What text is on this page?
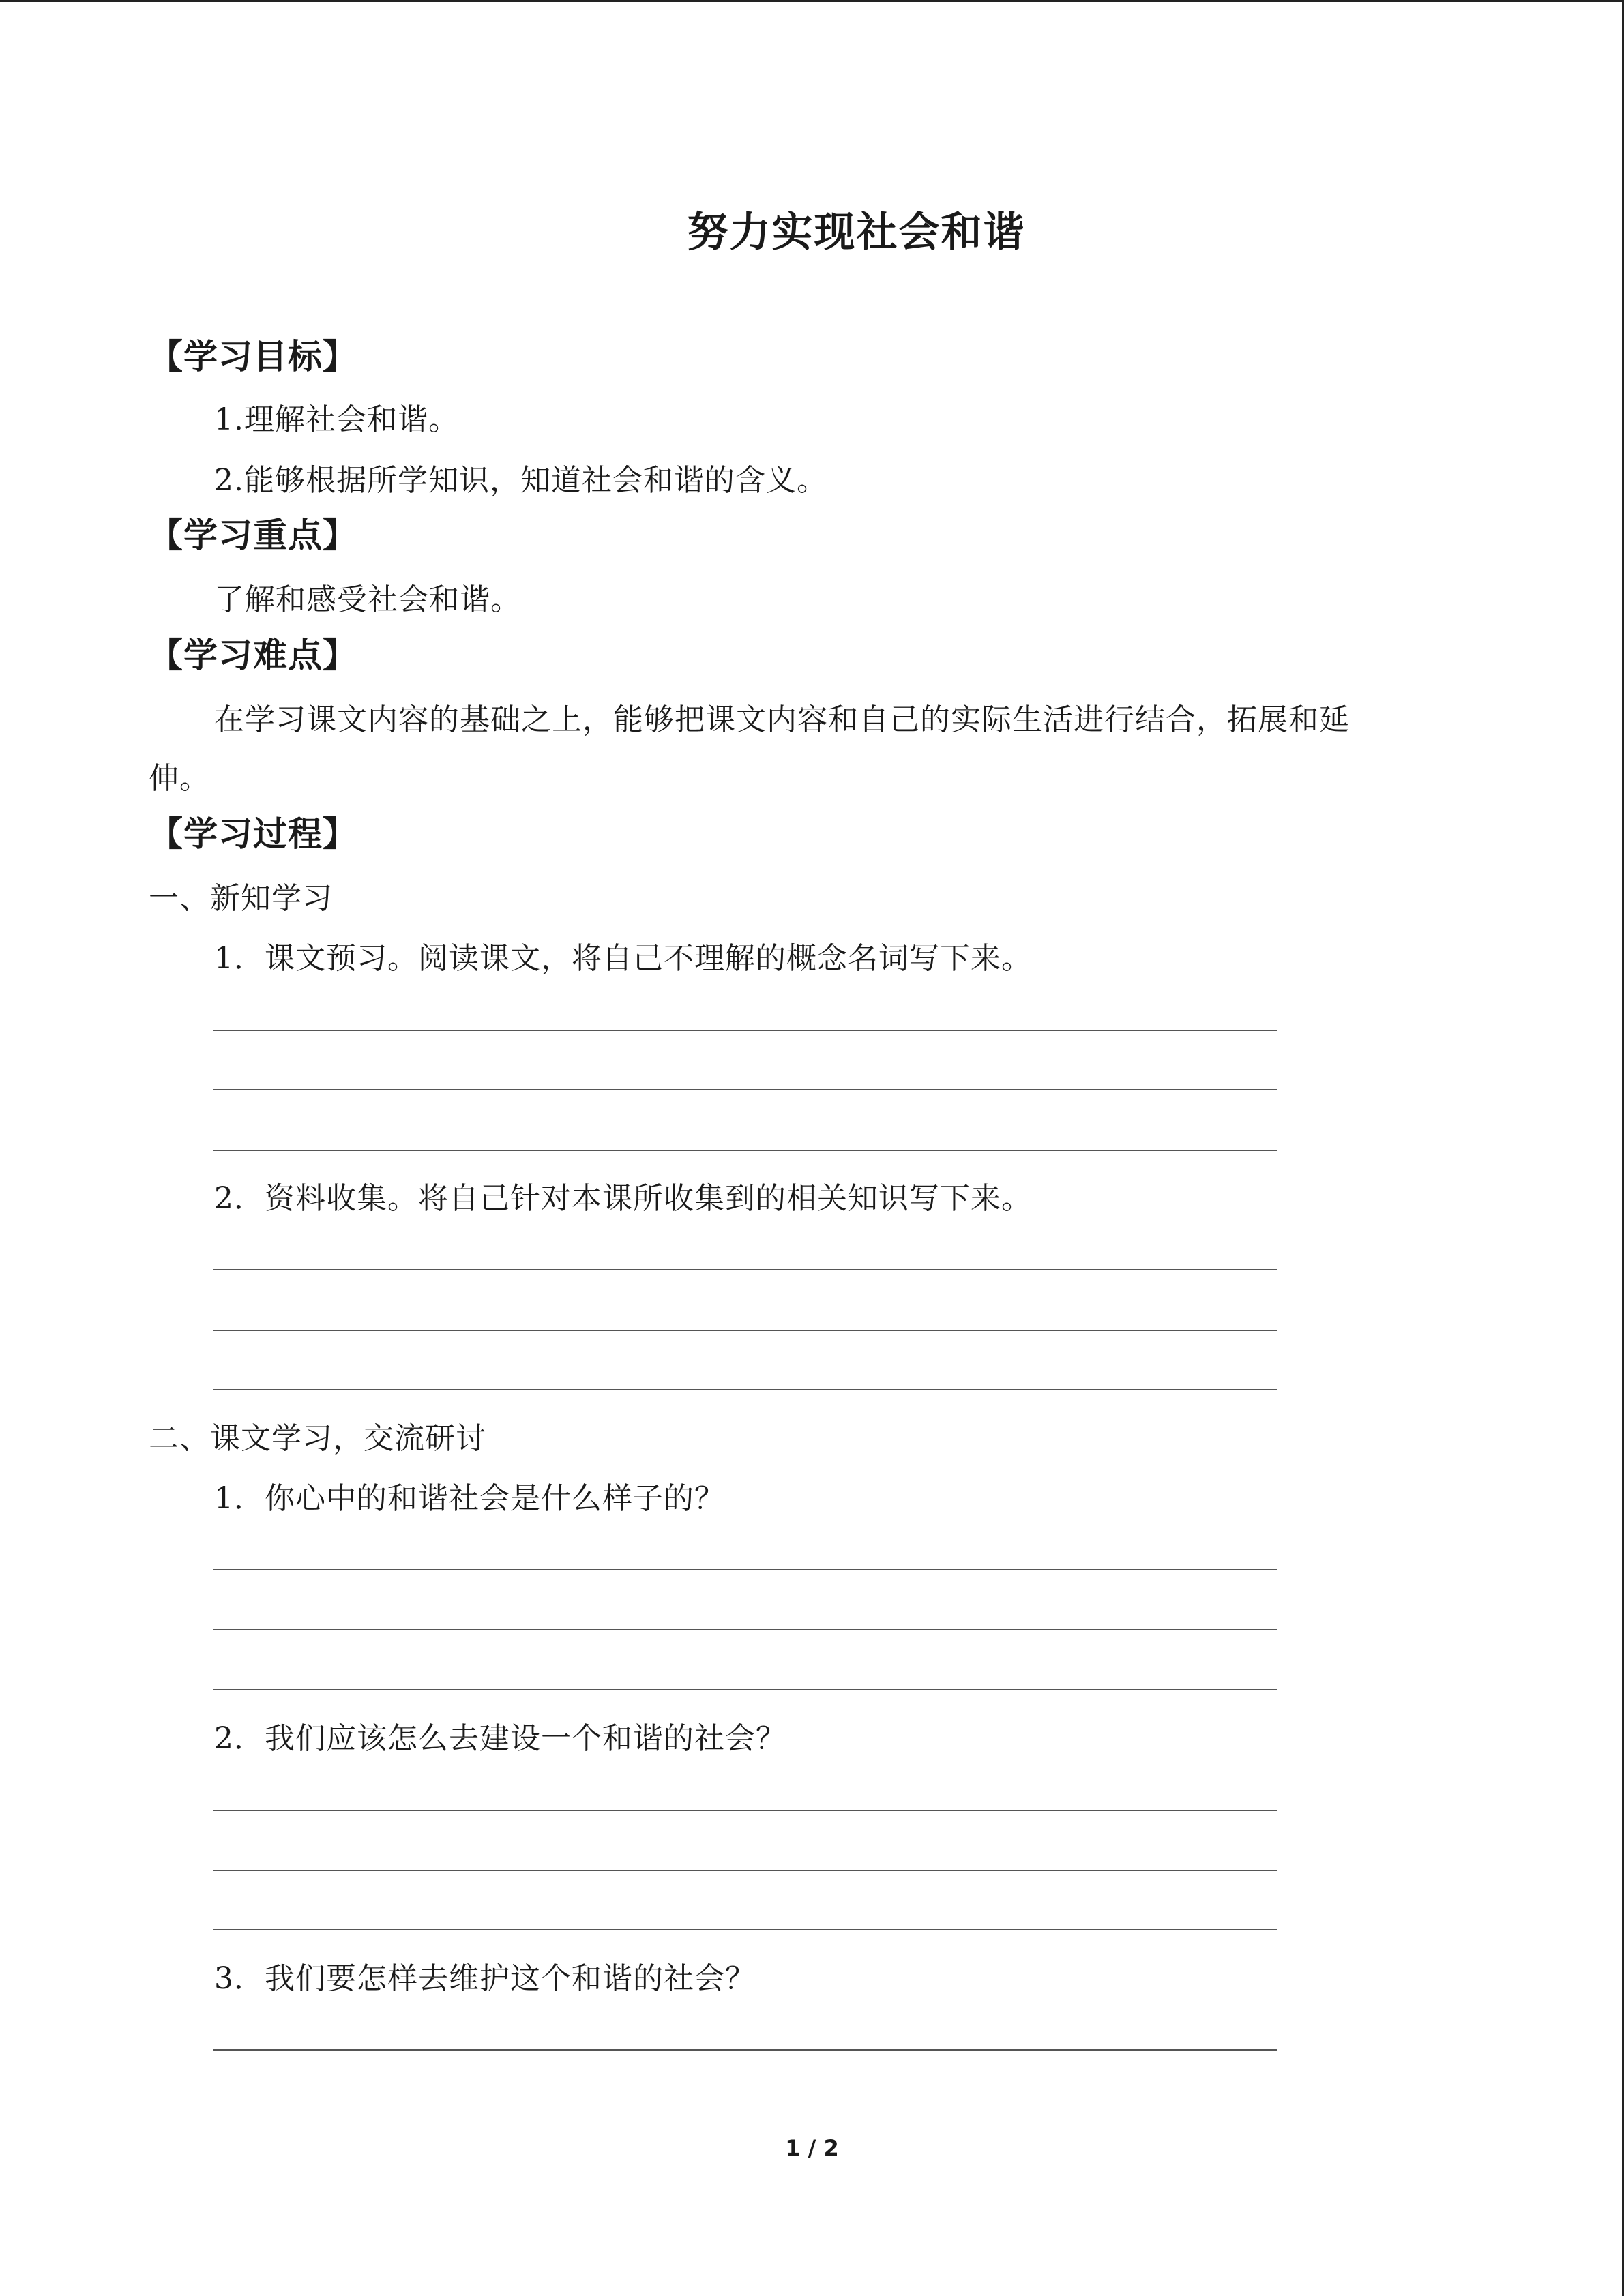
努力实现社会和谐
【学习目标】
1.理解社会和谐。
2.能够根据所学知识，知道社会和谐的含义。
【学习重点】
了解和感受社会和谐。
【学习难点】
在学习课文内容的基础之上，能够把课文内容和自己的实际生活进行结合，拓展和延
伸。
【学习过程】
一、新知学习
1．课文预习。阅读课文，将自己不理解的概念名词写下来。
2．资料收集。将自己针对本课所收集到的相关知识写下来。
二、课文学习，交流研讨
1．你心中的和谐社会是什么样子的？
2．我们应该怎么去建设一个和谐的社会？
3．我们要怎样去维护这个和谐的社会？
1 / 2
